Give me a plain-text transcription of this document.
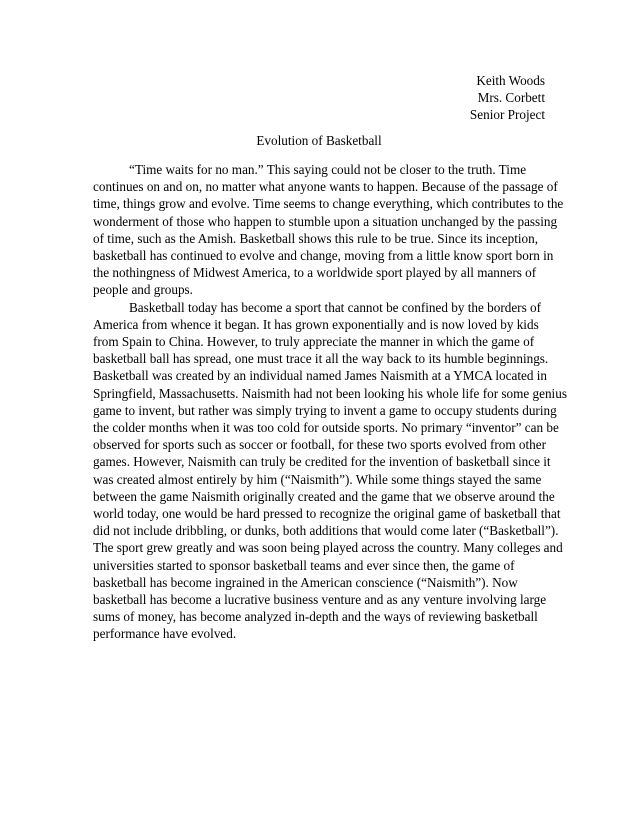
Keith Woods
Mrs. Corbett
Senior Project
Evolution of Basketball

“Time waits for no man.” This saying could not be closer to the truth. Time
continues on and on, no matter what anyone wants to happen. Because of the passage of
time, things grow and evolve. Time seems to change everything, which contributes to the
wonderment of those who happen to stumble upon a situation unchanged by the passing
of time, such as the Amish. Basketball shows this rule to be true. Since its inception,
basketball has continued to evolve and change, moving from a little know sport born in
the nothingness of Midwest America, to a worldwide sport played by all manners of
people and groups.

Basketball today has become a sport that cannot be confined by the borders of
America from whence it began. It has grown exponentially and is now loved by kids
from Spain to China. However, to truly appreciate the manner in which the game of
basketball ball has spread, one must trace it all the way back to its humble beginnings.
Basketball was created by an individual named James Naismith at a YMCA located in
Springfield, Massachusetts. Naismith had not been looking his whole life for some genius
game to invent, but rather was simply trying to invent a game to occupy students during
the colder months when it was too cold for outside sports. No primary “inventor” can be
observed for sports such as soccer or football, for these two sports evolved from other
games. However, Naismith can truly be credited for the invention of basketball since it
was created almost entirely by him (“Naismith”). While some things stayed the same
between the game Naismith originally created and the game that we observe around the
world today, one would be hard pressed to recognize the original game of basketball that
did not include dribbling, or dunks, both additions that would come later (“Basketball”).
The sport grew greatly and was soon being played across the country. Many colleges and
universities started to sponsor basketball teams and ever since then, the game of
basketball has become ingrained in the American conscience (“Naismith”). Now
basketball has become a lucrative business venture and as any venture involving large
sums of money, has become analyzed in-depth and the ways of reviewing basketball
performance have evolved.
